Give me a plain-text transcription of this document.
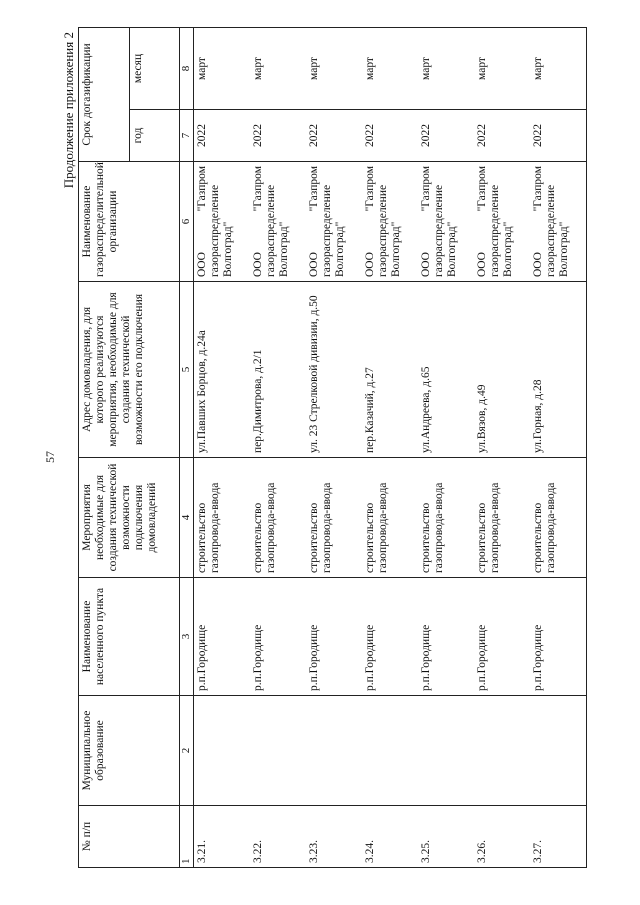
57
Продолжение приложения 2
№ п/п	Муниципальное образование	Наименование населенного пункта	Мероприятия необходимые для создания технической возможности подключения домовладений	Адрес домовладения, для которого реализуются мероприятия, необходимые для создания технической возможности его подключения	Наименование газораспределительной организации	Срок догазификации	
						год	месяц
1	2	3	4	5	6	7	8
3.21.		р.п.Городище	строительство газопровода-ввода	ул.Павших Борцов, д.24а	ООО "Газпром газораспределение Волгоград"	2022	март
3.22.		р.п.Городище	строительство газопровода-ввода	пер.Димитрова, д.2/1	ООО "Газпром газораспределение Волгоград"	2022	март
3.23.		р.п.Городище	строительство газопровода-ввода	ул. 23 Стрелковой дивизии, д.50	ООО "Газпром газораспределение Волгоград"	2022	март
3.24.		р.п.Городище	строительство газопровода-ввода	пер.Казачий, д.27	ООО "Газпром газораспределение Волгоград"	2022	март
3.25.		р.п.Городище	строительство газопровода-ввода	ул.Андреева, д.65	ООО "Газпром газораспределение Волгоград"	2022	март
3.26.		р.п.Городище	строительство газопровода-ввода	ул.Вязов, д.49	ООО "Газпром газораспределение Волгоград"	2022	март
3.27.		р.п.Городище	строительство газопровода-ввода	ул.Горная, д.28	ООО "Газпром газораспределение Волгоград"	2022	март
